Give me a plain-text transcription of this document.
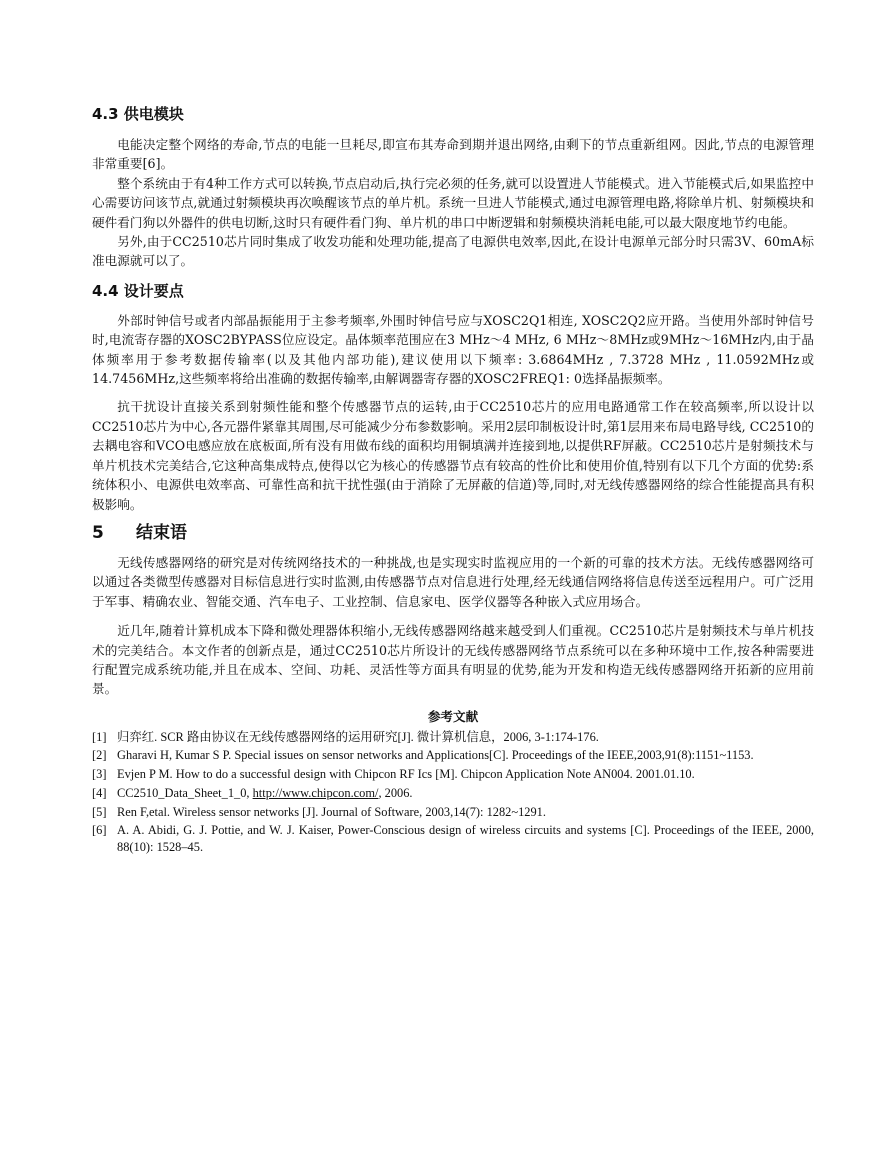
4.3 供电模块

电能决定整个网络的寿命,节点的电能一旦耗尽,即宣布其寿命到期并退出网络,由剩下的节点重新组网。因此,节点的电源管理非常重要[6]。

整个系统由于有4种工作方式可以转换,节点启动后,执行完必须的任务,就可以设置进人节能模式。进入节能模式后,如果监控中心需要访问该节点,就通过射频模块再次唤醒该节点的单片机。系统一旦进人节能模式,通过电源管理电路,将除单片机、射频模块和硬件看门狗以外器件的供电切断,这时只有硬件看门狗、单片机的串口中断逻辑和射频模块消耗电能,可以最大限度地节约电能。

另外,由于CC2510芯片同时集成了收发功能和处理功能,提高了电源供电效率,因此,在设计电源单元部分时只需3V、60mA标准电源就可以了。

4.4 设计要点

外部时钟信号或者内部晶振能用于主参考频率,外围时钟信号应与XOSC2Q1相连, XOSC2Q2应开路。当使用外部时钟信号时,电流寄存器的XOSC2BYPASS位应设定。晶体频率范围应在3 MHz～4 MHz, 6 MHz～8MHz或9MHz～16MHz内,由于晶体频率用于参考数据传输率(以及其他内部功能),建议使用以下频率: 3.6864MHz , 7.3728 MHz , 11.0592MHz或14.7456MHz,这些频率将给出准确的数据传输率,由解调器寄存器的XOSC2FREQ1: 0选择晶振频率。

抗干扰设计直接关系到射频性能和整个传感器节点的运转,由于CC2510芯片的应用电路通常工作在较高频率,所以设计以CC2510芯片为中心,各元器件紧靠其周围,尽可能减少分布参数影响。采用2层印制板设计时,第1层用来布局电路导线, CC2510的去耦电容和VCO电感应放在底板面,所有没有用做布线的面积均用铜填满并连接到地,以提供RF屏蔽。CC2510芯片是射频技术与单片机技术完美结合,它这种高集成特点,使得以它为核心的传感器节点有较高的性价比和使用价值,特别有以下几个方面的优势:系统体积小、电源供电效率高、可靠性高和抗干扰性强(由于消除了无屏蔽的信道)等,同时,对无线传感器网络的综合性能提高具有积极影响。

5 结束语

无线传感器网络的研究是对传统网络技术的一种挑战,也是实现实时监视应用的一个新的可靠的技术方法。无线传感器网络可以通过各类微型传感器对目标信息进行实时监测,由传感器节点对信息进行处理,经无线通信网络将信息传送至远程用户。可广泛用于军事、精确农业、智能交通、汽车电子、工业控制、信息家电、医学仪器等各种嵌入式应用场合。

近几年,随着计算机成本下降和微处理器体积缩小,无线传感器网络越来越受到人们重视。CC2510芯片是射频技术与单片机技术的完美结合。本文作者的创新点是，通过CC2510芯片所设计的无线传感器网络节点系统可以在多种环境中工作,按各种需要进行配置完成系统功能,并且在成本、空间、功耗、灵活性等方面具有明显的优势,能为开发和构造无线传感器网络开拓新的应用前景。

参考文献
[1] 归弈红. SCR 路由协议在无线传感器网络的运用研究[J]. 微计算机信息，2006, 3-1:174-176.
[2] Gharavi H, Kumar S P. Special issues on sensor networks and Applications[C]. Proceedings of the IEEE,2003,91(8):1151~1153.
[3] Evjen P M. How to do a successful design with Chipcon RF Ics [M]. Chipcon Application Note AN004. 2001.01.10.
[4] CC2510_Data_Sheet_1_0, http://www.chipcon.com/, 2006.
[5] Ren F,etal. Wireless sensor networks [J]. Journal of Software, 2003,14(7): 1282~1291.
[6] A. A. Abidi, G. J. Pottie, and W. J. Kaiser, Power-Conscious design of wireless circuits and systems [C]. Proceedings of the IEEE, 2000, 88(10): 1528–45.
